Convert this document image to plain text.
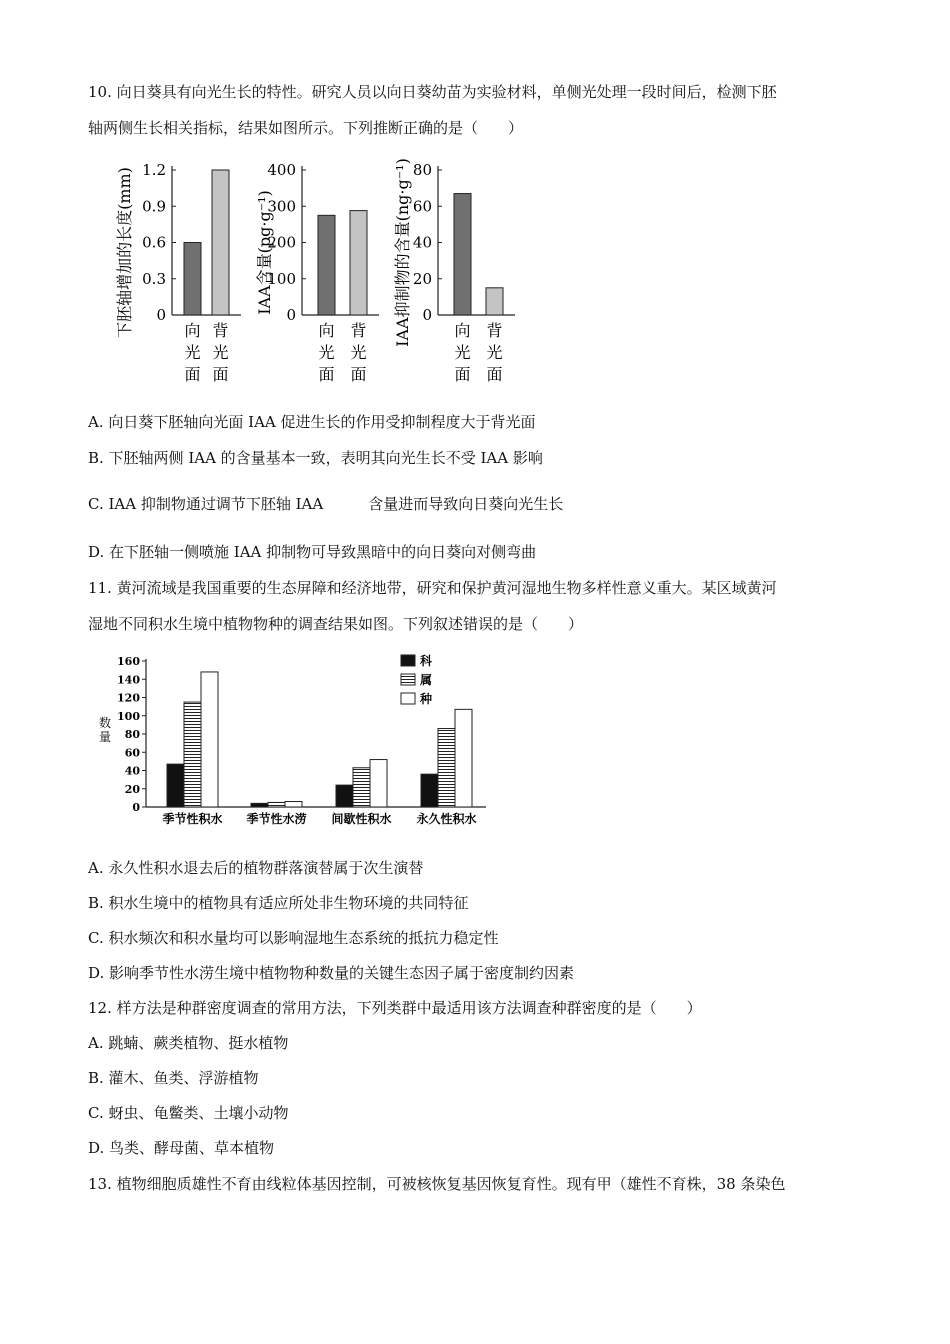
10. 向日葵具有向光生长的特性。研究人员以向日葵幼苗为实验材料，单侧光处理一段时间后，检测下胚
轴两侧生长相关指标，结果如图所示。下列推断正确的是（　　）
下胚轴增加的长度(mm) 0
0.3
0.6
0.9
1.2
向光面
背光面
IAA含量(pg·g⁻¹)
0
100
200
300
400
向光面
背光面
IAA抑制物的含量(ng·g⁻¹) 0
20
40
60
80
向光面
背光面
A. 向日葵下胚轴向光面 IAA 促进生长的作用受抑制程度大于背光面
B. 下胚轴两侧 IAA 的含量基本一致，表明其向光生长不受 IAA 影响
C. IAA 抑制物通过调节下胚轴 IAA　　　含量进而导致向日葵向光生长
D. 在下胚轴一侧喷施 IAA 抑制物可导致黑暗中的向日葵向对侧弯曲
11. 黄河流域是我国重要的生态屏障和经济地带，研究和保护黄河湿地生物多样性意义重大。某区域黄河
湿地不同积水生境中植物物种的调查结果如图。下列叙述错误的是（　　）
数量
0
20
40
60
80
100
120
140
160
季节性积水 季节性水涝 间歇性积水 永久性积水
科
属
种
A. 永久性积水退去后的植物群落演替属于次生演替
B. 积水生境中的植物具有适应所处非生物环境的共同特征
C. 积水频次和积水量均可以影响湿地生态系统的抵抗力稳定性
D. 影响季节性水涝生境中植物物种数量的关键生态因子属于密度制约因素
12. 样方法是种群密度调查的常用方法，下列类群中最适用该方法调查种群密度的是（　　）
A. 跳蝻、蕨类植物、挺水植物
B. 灌木、鱼类、浮游植物
C. 蚜虫、龟鳖类、土壤小动物
D. 鸟类、酵母菌、草本植物
13. 植物细胞质雄性不育由线粒体基因控制，可被核恢复基因恢复育性。现有甲（雄性不育株，38 条染色
